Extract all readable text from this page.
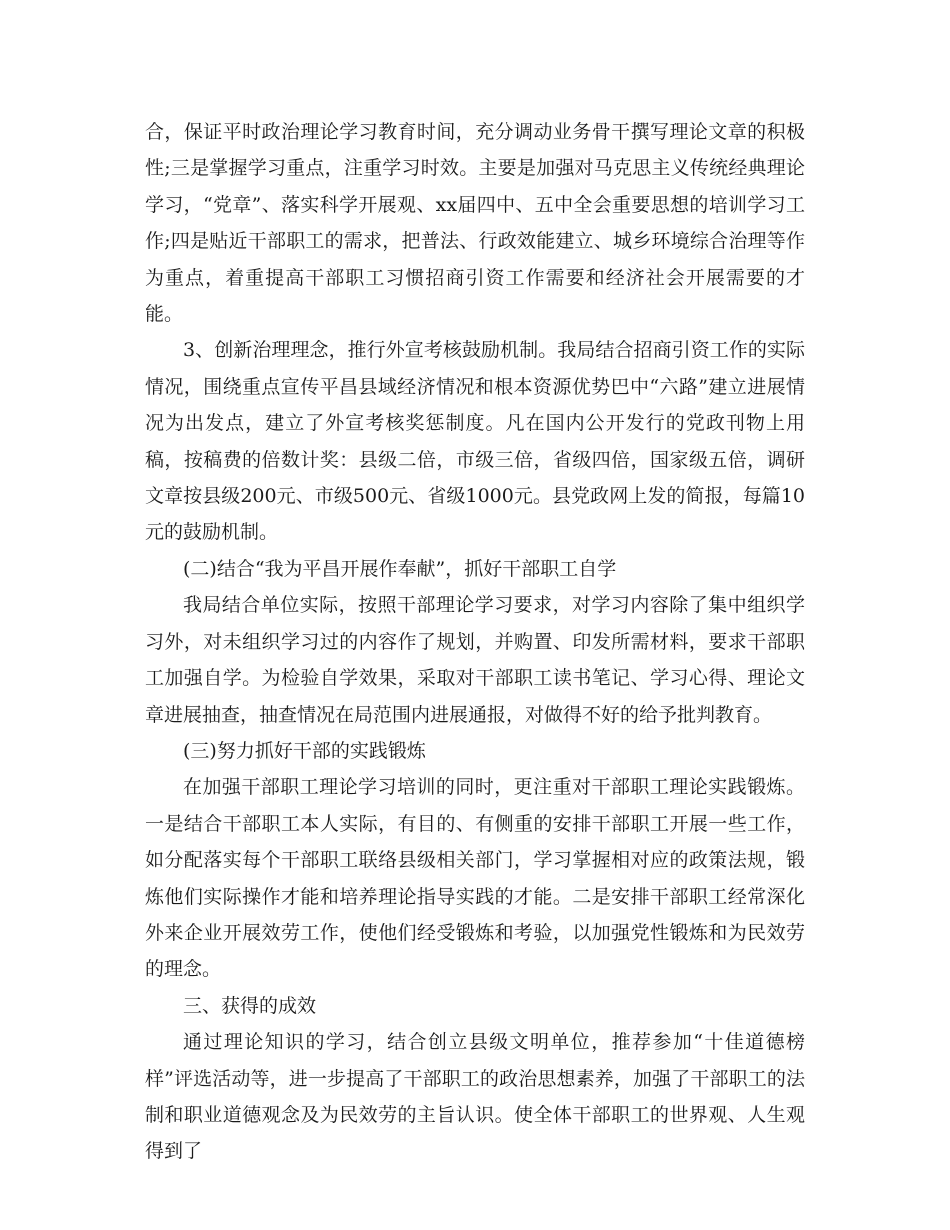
合，保证平时政治理论学习教育时间，充分调动业务骨干撰写理论文章的积极性;三是掌握学习重点，注重学习时效。主要是加强对马克思主义传统经典理论学习，“党章”、落实科学开展观、xx届四中、五中全会重要思想的培训学习工作;四是贴近干部职工的需求，把普法、行政效能建立、城乡环境综合治理等作为重点，着重提高干部职工习惯招商引资工作需要和经济社会开展需要的才能。

3、创新治理理念，推行外宣考核鼓励机制。我局结合招商引资工作的实际情况，围绕重点宣传平昌县域经济情况和根本资源优势巴中“六路”建立进展情况为出发点，建立了外宣考核奖惩制度。凡在国内公开发行的党政刊物上用稿，按稿费的倍数计奖：县级二倍，市级三倍，省级四倍，国家级五倍，调研文章按县级200元、市级500元、省级1000元。县党政网上发的简报，每篇10元的鼓励机制。

(二)结合“我为平昌开展作奉献”，抓好干部职工自学

我局结合单位实际，按照干部理论学习要求，对学习内容除了集中组织学习外，对未组织学习过的内容作了规划，并购置、印发所需材料，要求干部职工加强自学。为检验自学效果，采取对干部职工读书笔记、学习心得、理论文章进展抽查，抽查情况在局范围内进展通报，对做得不好的给予批判教育。

(三)努力抓好干部的实践锻炼

在加强干部职工理论学习培训的同时，更注重对干部职工理论实践锻炼。一是结合干部职工本人实际，有目的、有侧重的安排干部职工开展一些工作，如分配落实每个干部职工联络县级相关部门，学习掌握相对应的政策法规，锻炼他们实际操作才能和培养理论指导实践的才能。二是安排干部职工经常深化外来企业开展效劳工作，使他们经受锻炼和考验，以加强党性锻炼和为民效劳的理念。

三、获得的成效

通过理论知识的学习，结合创立县级文明单位，推荐参加“十佳道德榜样”评选活动等，进一步提高了干部职工的政治思想素养，加强了干部职工的法制和职业道德观念及为民效劳的主旨认识。使全体干部职工的世界观、人生观得到了
